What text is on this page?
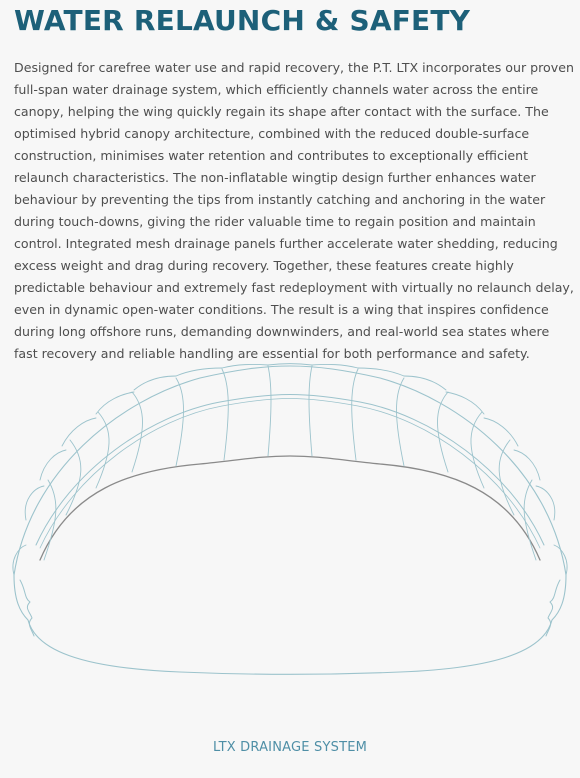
WATER RELAUNCH & SAFETY

Designed for carefree water use and rapid recovery, the P.T. LTX incorporates our proven full-span water drainage system, which efficiently channels water across the entire canopy, helping the wing quickly regain its shape after contact with the surface. The optimised hybrid canopy architecture, combined with the reduced double-surface construction, minimises water retention and contributes to exceptionally efficient relaunch characteristics. The non-inflatable wingtip design further enhances water behaviour by preventing the tips from instantly catching and anchoring in the water during touch-downs, giving the rider valuable time to regain position and maintain control. Integrated mesh drainage panels further accelerate water shedding, reducing excess weight and drag during recovery. Together, these features create highly predictable behaviour and extremely fast redeployment with virtually no relaunch delay, even in dynamic open-water conditions. The result is a wing that inspires confidence during long offshore runs, demanding downwinders, and real-world sea states where fast recovery and reliable handling are essential for both performance and safety.

LTX DRAINAGE SYSTEM
